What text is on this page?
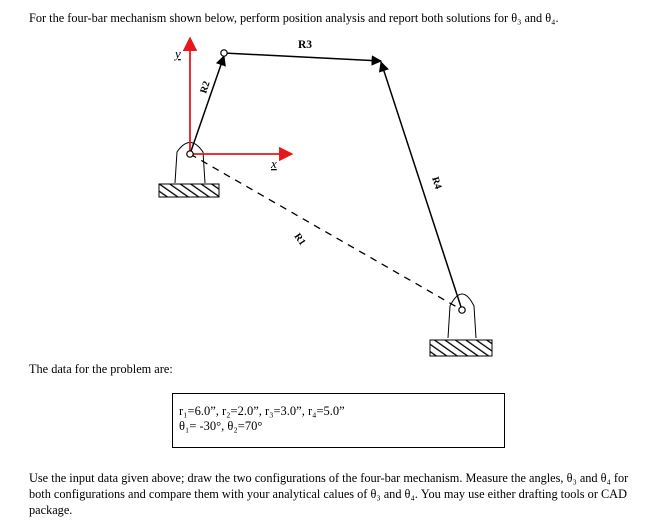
For the four-bar mechanism shown below, perform position analysis and report both solutions for θ₃ and θ₄.
y
x
R3
R2
R4
R1
The data for the problem are:
r₁=6.0”, r₂=2.0”, r₃=3.0”, r₄=5.0”
θ₁= -30°, θ₂=70°
Use the input data given above; draw the two configurations of the four-bar mechanism. Measure the angles, θ₃ and θ₄ for both configurations and compare them with your analytical calues of θ₃ and θ₄. You may use either drafting tools or CAD package.
